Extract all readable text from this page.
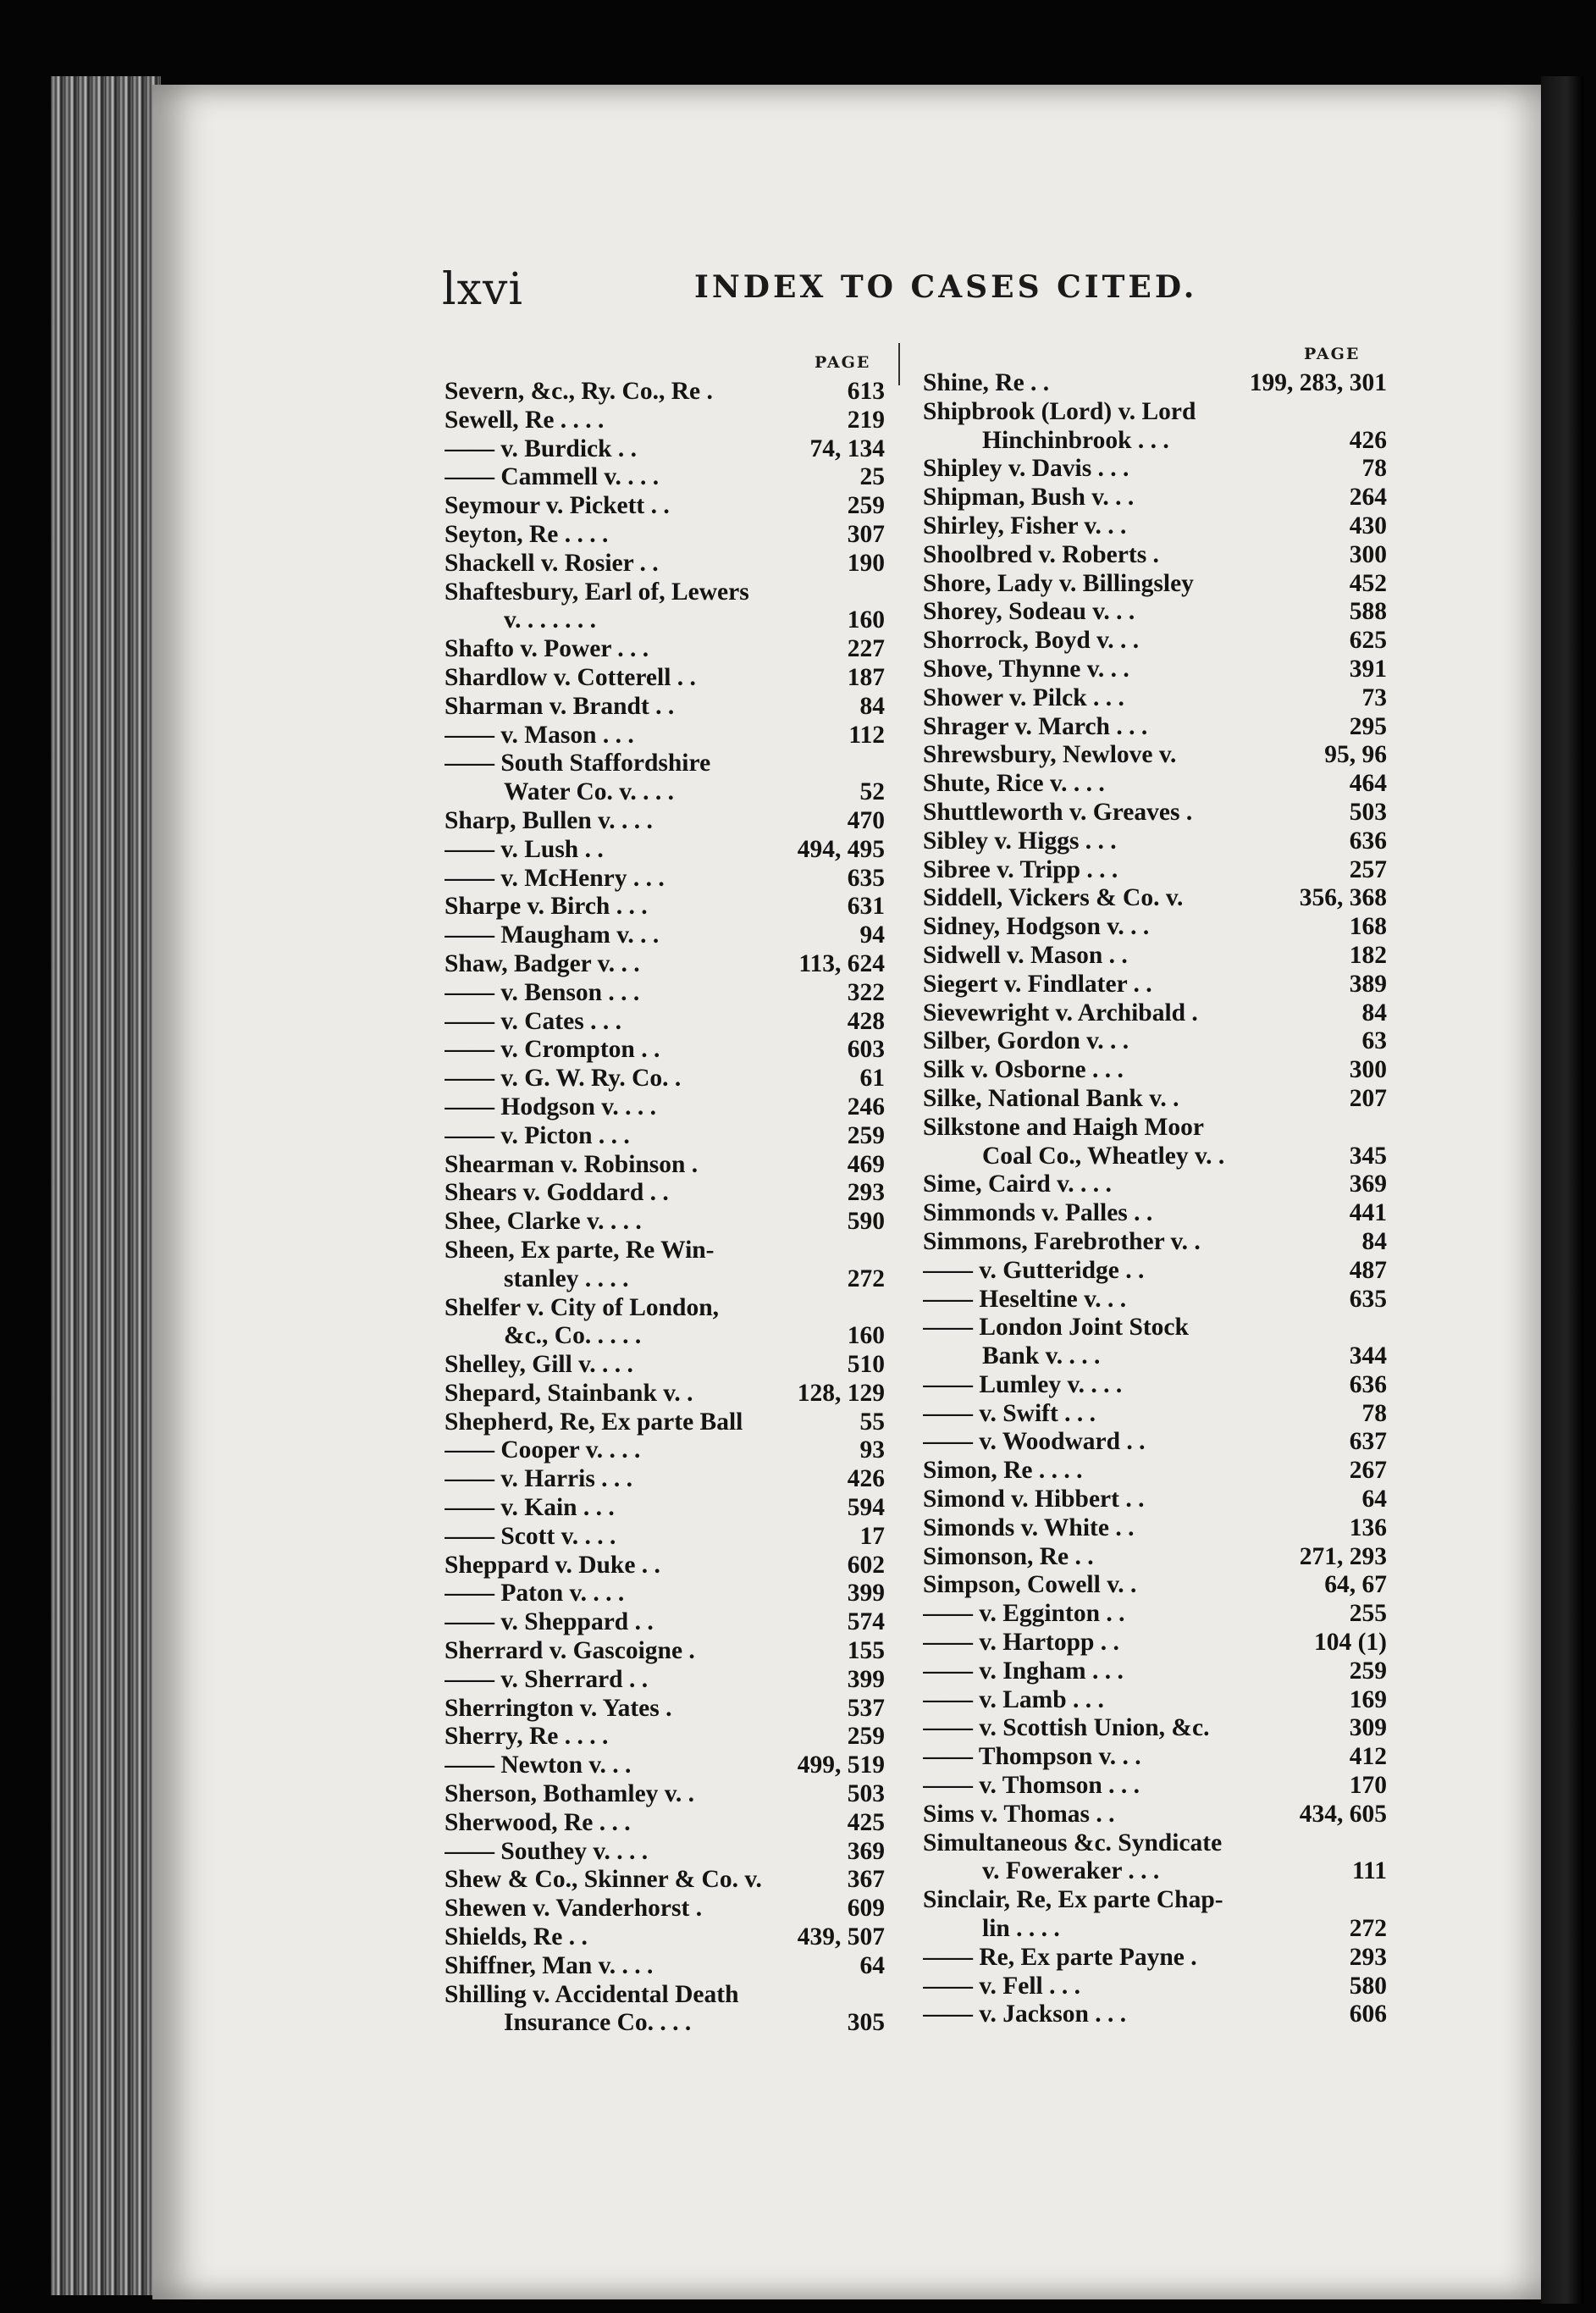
lxvi	INDEX TO CASES CITED.
PAGE	PAGE
Severn, &c., Ry. Co., Re .	613
Sewell, Re . . . .	219
—— v. Burdick . .	74, 134
—— Cammell v. . . .	25
Seymour v. Pickett . .	259
Seyton, Re . . . .	307
Shackell v. Rosier . .	190
Shaftesbury, Earl of, Lewers
v. . . . . . .	160
Shafto v. Power . . .	227
Shardlow v. Cotterell . .	187
Sharman v. Brandt . .	84
—— v. Mason . . .	112
—— South Staffordshire
Water Co. v. . . .	52
Sharp, Bullen v. . . .	470
—— v. Lush . .	494, 495
—— v. McHenry . . .	635
Sharpe v. Birch . . .	631
—— Maugham v. . .	94
Shaw, Badger v. . .	113, 624
—— v. Benson . . .	322
—— v. Cates . . .	428
—— v. Crompton . .	603
—— v. G. W. Ry. Co. .	61
—— Hodgson v. . . .	246
—— v. Picton . . .	259
Shearman v. Robinson .	469
Shears v. Goddard . .	293
Shee, Clarke v. . . .	590
Sheen, Ex parte, Re Win-
stanley . . . .	272
Shelfer v. City of London,
&c., Co. . . . .	160
Shelley, Gill v. . . .	510
Shepard, Stainbank v. .	128, 129
Shepherd, Re, Ex parte Ball	55
—— Cooper v. . . .	93
—— v. Harris . . .	426
—— v. Kain . . .	594
—— Scott v. . . .	17
Sheppard v. Duke . .	602
—— Paton v. . . .	399
—— v. Sheppard . .	574
Sherrard v. Gascoigne .	155
—— v. Sherrard . .	399
Sherrington v. Yates .	537
Sherry, Re . . . .	259
—— Newton v. . .	499, 519
Sherson, Bothamley v. .	503
Sherwood, Re . . .	425
—— Southey v. . . .	369
Shew & Co., Skinner & Co. v.	367
Shewen v. Vanderhorst .	609
Shields, Re . .	439, 507
Shiffner, Man v. . . .	64
Shilling v. Accidental Death
Insurance Co. . . .	305
Shine, Re . .	199, 283, 301
Shipbrook (Lord) v. Lord
Hinchinbrook . . .	426
Shipley v. Davis . . .	78
Shipman, Bush v. . .	264
Shirley, Fisher v. . .	430
Shoolbred v. Roberts .	300
Shore, Lady v. Billingsley	452
Shorey, Sodeau v. . .	588
Shorrock, Boyd v. . .	625
Shove, Thynne v. . .	391
Shower v. Pilck . . .	73
Shrager v. March . . .	295
Shrewsbury, Newlove v.	95, 96
Shute, Rice v. . . .	464
Shuttleworth v. Greaves .	503
Sibley v. Higgs . . .	636
Sibree v. Tripp . . .	257
Siddell, Vickers & Co. v.	356, 368
Sidney, Hodgson v. . .	168
Sidwell v. Mason . .	182
Siegert v. Findlater . .	389
Sievewright v. Archibald .	84
Silber, Gordon v. . .	63
Silk v. Osborne . . .	300
Silke, National Bank v. .	207
Silkstone and Haigh Moor
Coal Co., Wheatley v. .	345
Sime, Caird v. . . .	369
Simmonds v. Palles . .	441
Simmons, Farebrother v. .	84
—— v. Gutteridge . .	487
—— Heseltine v. . .	635
—— London Joint Stock
Bank v. . . .	344
—— Lumley v. . . .	636
—— v. Swift . . .	78
—— v. Woodward . .	637
Simon, Re . . . .	267
Simond v. Hibbert . .	64
Simonds v. White . .	136
Simonson, Re . .	271, 293
Simpson, Cowell v. .	64, 67
—— v. Egginton . .	255
—— v. Hartopp . .	104 (1)
—— v. Ingham . . .	259
—— v. Lamb . . .	169
—— v. Scottish Union, &c.	309
—— Thompson v. . .	412
—— v. Thomson . . .	170
Sims v. Thomas . .	434, 605
Simultaneous &c. Syndicate
v. Foweraker . . .	111
Sinclair, Re, Ex parte Chap-
lin . . . .	272
—— Re, Ex parte Payne .	293
—— v. Fell . . .	580
—— v. Jackson . . .	606
